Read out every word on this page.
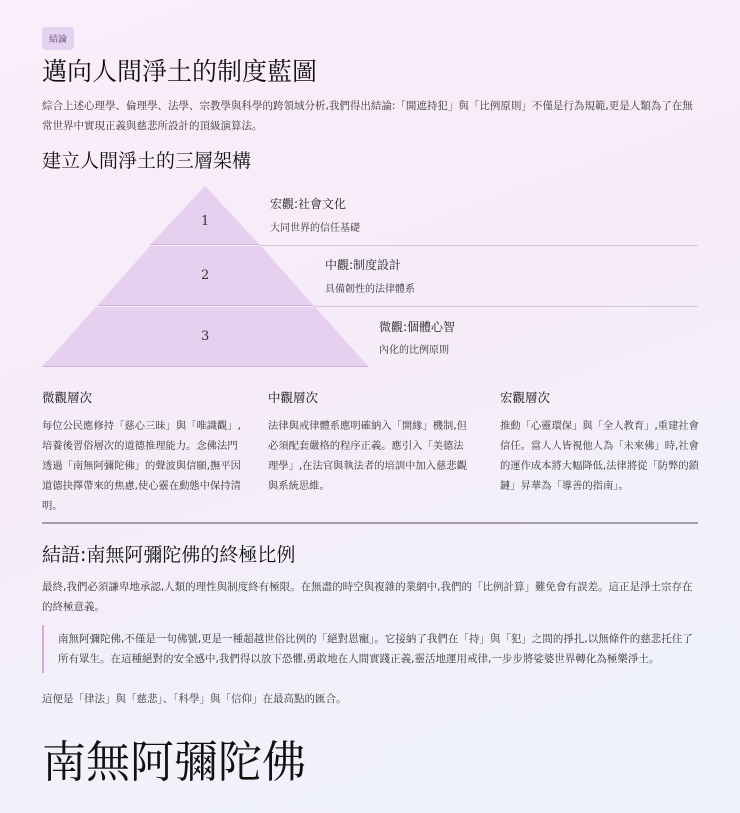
結論
邁向人間淨土的制度藍圖

綜合上述心理學、倫理學、法學、宗教學與科學的跨領域分析,我們得出結論:「開遮持犯」與「比例原則」不僅是行為規範,更是人類為了在無常世界中實現正義與慈悲所設計的頂級演算法。

建立人間淨土的三層架構
1
2
3
宏觀:社會文化
大同世界的信任基礎
中觀:制度設計
具備韌性的法律體系
微觀:個體心智
內化的比例原則
微觀層次

每位公民應修持「慈心三昧」與「唯識觀」,培養後習俗層次的道德推理能力。念佛法門透過「南無阿彌陀佛」的聲波與信願,撫平因道德抉擇帶來的焦慮,使心靈在動態中保持清明。

中觀層次

法律與戒律體系應明確納入「開緣」機制,但必須配套嚴格的程序正義。應引入「美德法理學」,在法官與執法者的培訓中加入慈悲觀與系統思維。

宏觀層次

推動「心靈環保」與「全人教育」,重建社會信任。當人人皆視他人為「未來佛」時,社會的運作成本將大幅降低,法律將從「防弊的鎖鏈」昇華為「導善的指南」。

結語:南無阿彌陀佛的終極比例

最終,我們必須謙卑地承認,人類的理性與制度終有極限。在無盡的時空與複雜的業網中,我們的「比例計算」難免會有誤差。這正是淨土宗存在的終極意義。

南無阿彌陀佛,不僅是一句佛號,更是一種超越世俗比例的「絕對恩寵」。它接納了我們在「持」與「犯」之間的掙扎,以無條件的慈悲托住了所有眾生。在這種絕對的安全感中,我們得以放下恐懼,勇敢地在人間實踐正義,靈活地運用戒律,一步步將娑婆世界轉化為極樂淨土。

這便是「律法」與「慈悲」、「科學」與「信仰」在最高點的匯合。

南無阿彌陀佛
